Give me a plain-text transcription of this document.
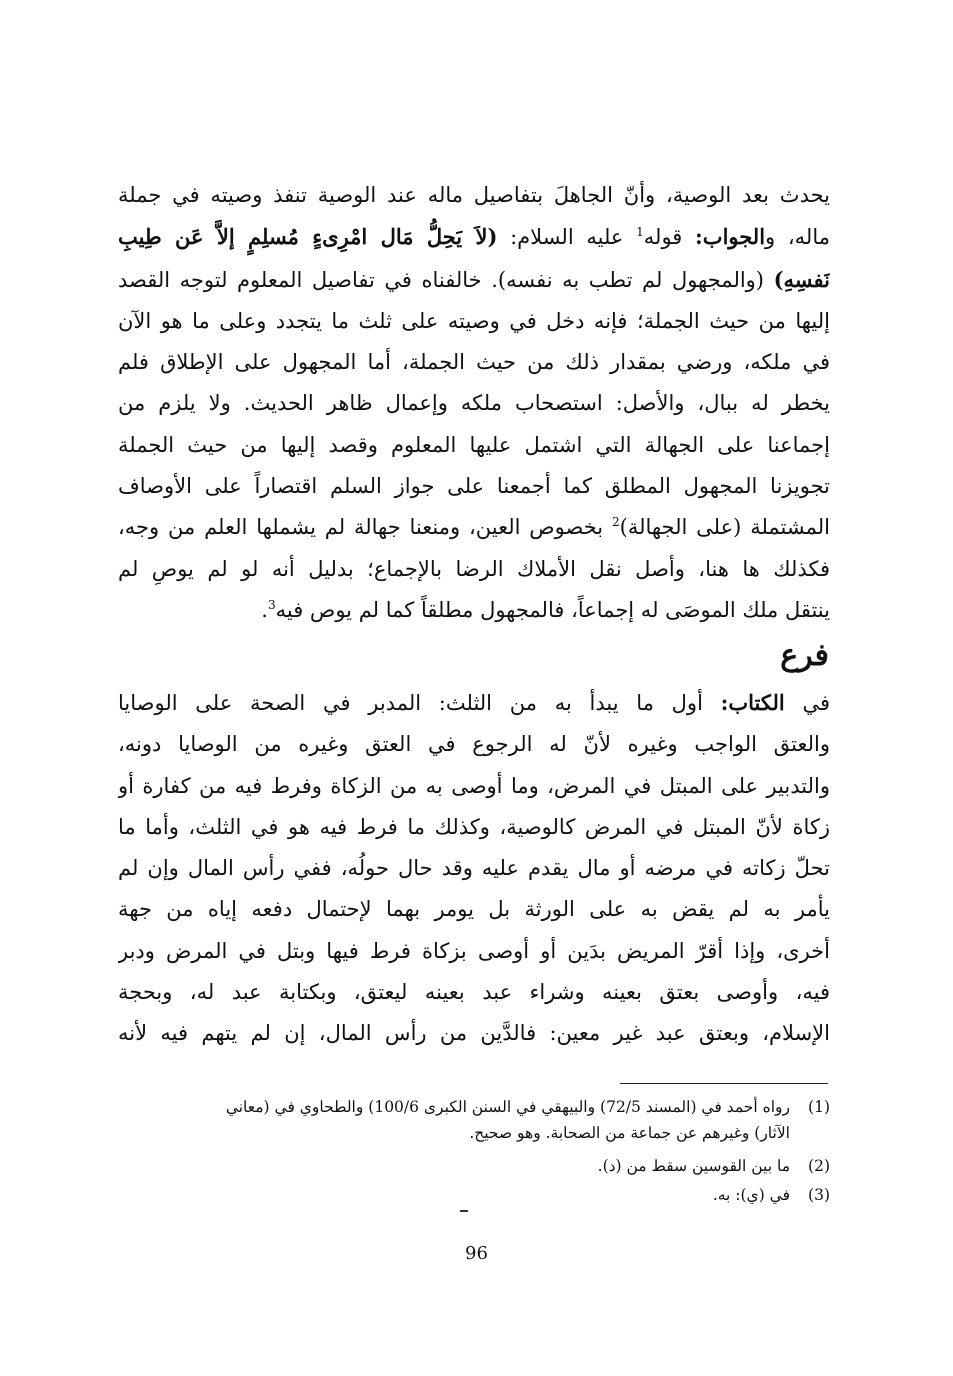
يحدث بعد الوصية، وأنّ الجاهلَ بتفاصيل ماله عند الوصية تنفذ وصيته في جملة
ماله، والجواب: قوله$^1$ عليه السلام: (لاَ يَحِلُّ مَال امْرِىءٍ مُسلِمٍ إلاَّ عَن طِيبِ
نَفسِهِ) (والمجهول لم تطب به نفسه). خالفناه في تفاصيل المعلوم لتوجه القصد
إليها من حيث الجملة؛ فإنه دخل في وصيته على ثلث ما يتجدد وعلى ما هو الآن
في ملكه، ورضي بمقدار ذلك من حيث الجملة، أما المجهول على الإطلاق فلم
يخطر له ببال، والأصل: استصحاب ملكه وإعمال ظاهر الحديث. ولا يلزم من
إجماعنا على الجهالة التي اشتمل عليها المعلوم وقصد إليها من حيث الجملة
تجويزنا المجهول المطلق كما أجمعنا على جواز السلم اقتصاراً على الأوصاف
المشتملة (على الجهالة)$^2$ بخصوص العين، ومنعنا جهالة لم يشملها العلم من وجه،
فكذلك ها هنا، وأصل نقل الأملاك الرضا بالإجماع؛ بدليل أنه لو لم يوصِ لم
ينتقل ملك الموصَى له إجماعاً، فالمجهول مطلقاً كما لم يوص فيه$^3$.
فرع
في الكتاب: أول ما يبدأ به من الثلث: المدبر في الصحة على الوصايا
والعتق الواجب وغيره لأنّ له الرجوع في العتق وغيره من الوصايا دونه،
والتدبير على المبتل في المرض، وما أوصى به من الزكاة وفرط فيه من كفارة أو
زكاة لأنّ المبتل في المرض كالوصية، وكذلك ما فرط فيه هو في الثلث، وأما ما
تحلّ زكاته في مرضه أو مال يقدم عليه وقد حال حولُه، ففي رأس المال وإن لم
يأمر به لم يقض به على الورثة بل يومر بهما لإحتمال دفعه إياه من جهة
أخرى، وإذا أقرّ المريض بدَين أو أوصى بزكاة فرط فيها وبتل في المرض ودبر
فيه، وأوصى بعتق بعينه وشراء عبد بعينه ليعتق، وبكتابة عبد له، وبحجة
الإسلام، وبعتق عبد غير معين: فالدَّين من رأس المال، إن لم يتهم فيه لأنه
(1)رواه أحمد في (المسند 72/5) والبيهقي في السنن الكبرى 100/6) والطحاوي في (معاني
الآثار) وغيرهم عن جماعة من الصحابة. وهو صحيح.
(2)ما بين القوسين سقط من (د).
(3)في (ي): به.
96
